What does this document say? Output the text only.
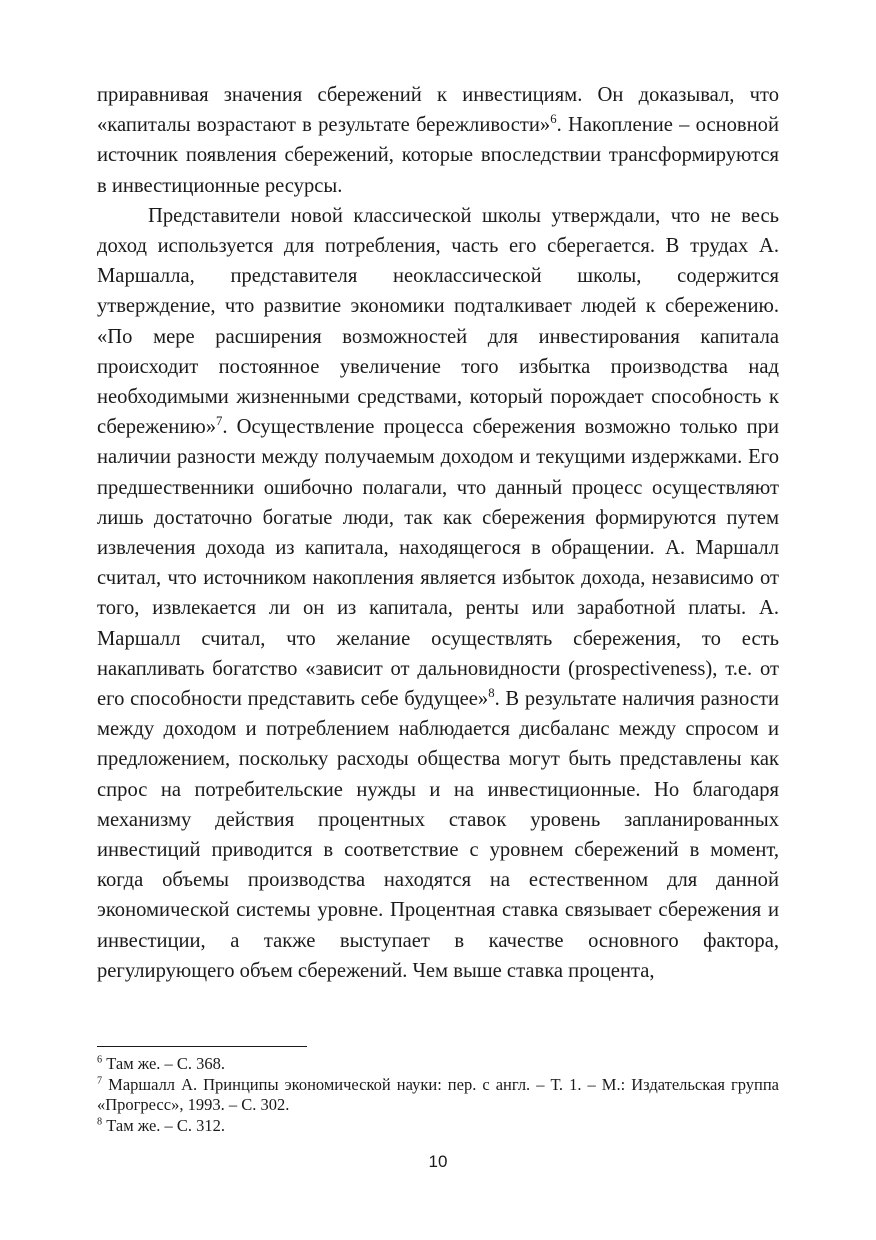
приравнивая значения сбережений к инвестициям. Он доказывал, что «капиталы возрастают в результате бережливости»$^6$. Накопление – основной источник появления сбережений, которые впоследствии трансформируются в инвестиционные ресурсы.

Представители новой классической школы утверждали, что не весь доход используется для потребления, часть его сберегается. В трудах А. Маршалла, представителя неоклассической школы, содержится утверждение, что развитие экономики подталкивает людей к сбережению. «По мере расширения возможностей для инвестирования капитала происходит постоянное увеличение того избытка производства над необходимыми жизненными средствами, который порождает способность к сбережению»$^7$. Осуществление процесса сбережения возможно только при наличии разности между получаемым доходом и текущими издержками. Его предшественники ошибочно полагали, что данный процесс осуществляют лишь достаточно богатые люди, так как сбережения формируются путем извлечения дохода из капитала, находящегося в обращении. А. Маршалл считал, что источником накопления является избыток дохода, независимо от того, извлекается ли он из капитала, ренты или заработной платы. А. Маршалл считал, что желание осуществлять сбережения, то есть накапливать богатство «зависит от дальновидности (prospectiveness), т.е. от его способности представить себе будущее»$^8$. В результате наличия разности между доходом и потреблением наблюдается дисбаланс между спросом и предложением, поскольку расходы общества могут быть представлены как спрос на потребительские нужды и на инвестиционные. Но благодаря механизму действия процентных ставок уровень запланированных инвестиций приводится в соответствие с уровнем сбережений в момент, когда объемы производства находятся на естественном для данной экономической системы уровне. Процентная ставка связывает сбережения и инвестиции, а также выступает в качестве основного фактора, регулирующего объем сбережений. Чем выше ставка процента,

$^6$ Там же. – С. 368.

$^7$ Маршалл А. Принципы экономической науки: пер. с англ. – Т. 1. – М.: Издательская группа «Прогресс», 1993. – С. 302.

$^8$ Там же. – С. 312.

10
